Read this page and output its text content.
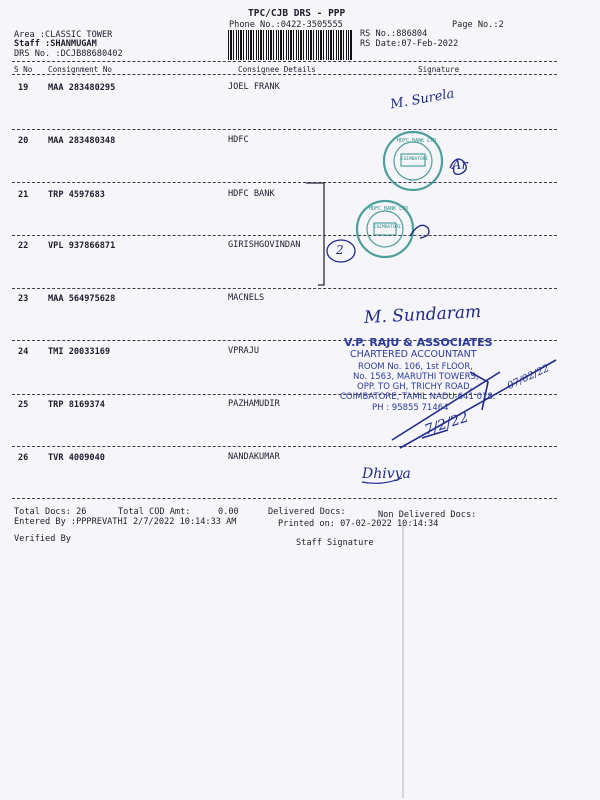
TPC/CJB DRS - PPP
Phone No.:0422-3505555	Page No.:2
Area :CLASSIC TOWER
Staff :SHANMUGAM
DRS No. :DCJB88680402
RS No.:886804
RS Date:07-Feb-2022
S No Consignment No	Consignee Details	Signature
19 MAA 283480295	JOEL FRANK
20 MAA 283480348	HDFC
21 TRP 4597683	HDFC BANK
22 VPL 937866871	GIRISHGOVINDAN
23 MAA 564975628	MACNELS
24 TMI 20033169	VPRAJU
25 TRP 8169374	PAZHAMUDIR
26 TVR 4009040	NANDAKUMAR
Total Docs: 26	Total COD Amt:	0.00	Delivered Docs:	Non Delivered Docs:
Entered By :PPPREVATHI 2/7/2022 10:14:33 AM	Printed on: 07-02-2022 10:14:34
Verified By	Staff Signature
HDFC BANK LTD
COIMBATORE
HDFC BANK LTD
COIMBATORE
V.P. RAJU & ASSOCIATES
CHARTERED ACCOUNTANT
ROOM No. 106, 1st FLOOR,
No. 1563, MARUTHI TOWERS,
OPP. TO GH, TRICHY ROAD,
COIMBATORE, TAMIL NADU-641 018.
PH : 95855 71464
M. Surela
Ar
2
M. Sundaram
07/02/22
7/2/22
Dhivya
